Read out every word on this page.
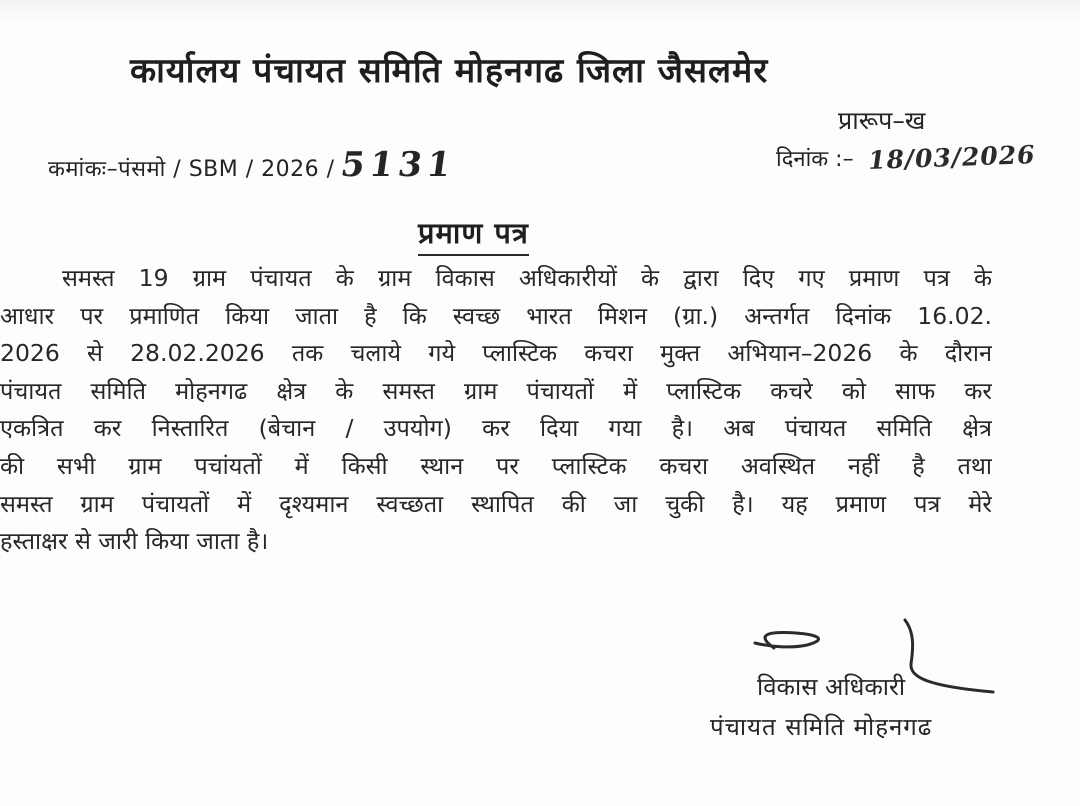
कार्यालय पंचायत समिति मोहनगढ जिला जैसलमेर
प्रारूप–ख
कमांकः–पंसमो / SBM / 2026 / 5131	दिनांक :– 18/03/2026
प्रमाण पत्र
समस्त 19 ग्राम पंचायत के ग्राम विकास अधिकारीयों के द्वारा दिए गए प्रमाण पत्र के
आधार पर प्रमाणित किया जाता है कि स्वच्छ भारत मिशन (ग्रा.) अन्तर्गत दिनांक 16.02.
2026 से 28.02.2026 तक चलाये गये प्लास्टिक कचरा मुक्त अभियान–2026 के दौरान
पंचायत समिति मोहनगढ क्षेत्र के समस्त ग्राम पंचायतों में प्लास्टिक कचरे को साफ कर
एकत्रित कर निस्तारित (बेचान / उपयोग) कर दिया गया है। अब पंचायत समिति क्षेत्र
की सभी ग्राम पचांयतों में किसी स्थान पर प्लास्टिक कचरा अवस्थित नहीं है तथा
समस्त ग्राम पंचायतों में दृश्यमान स्वच्छता स्थापित की जा चुकी है। यह प्रमाण पत्र मेरे
हस्ताक्षर से जारी किया जाता है।
विकास अधिकारी
पंचायत समिति मोहनगढ
